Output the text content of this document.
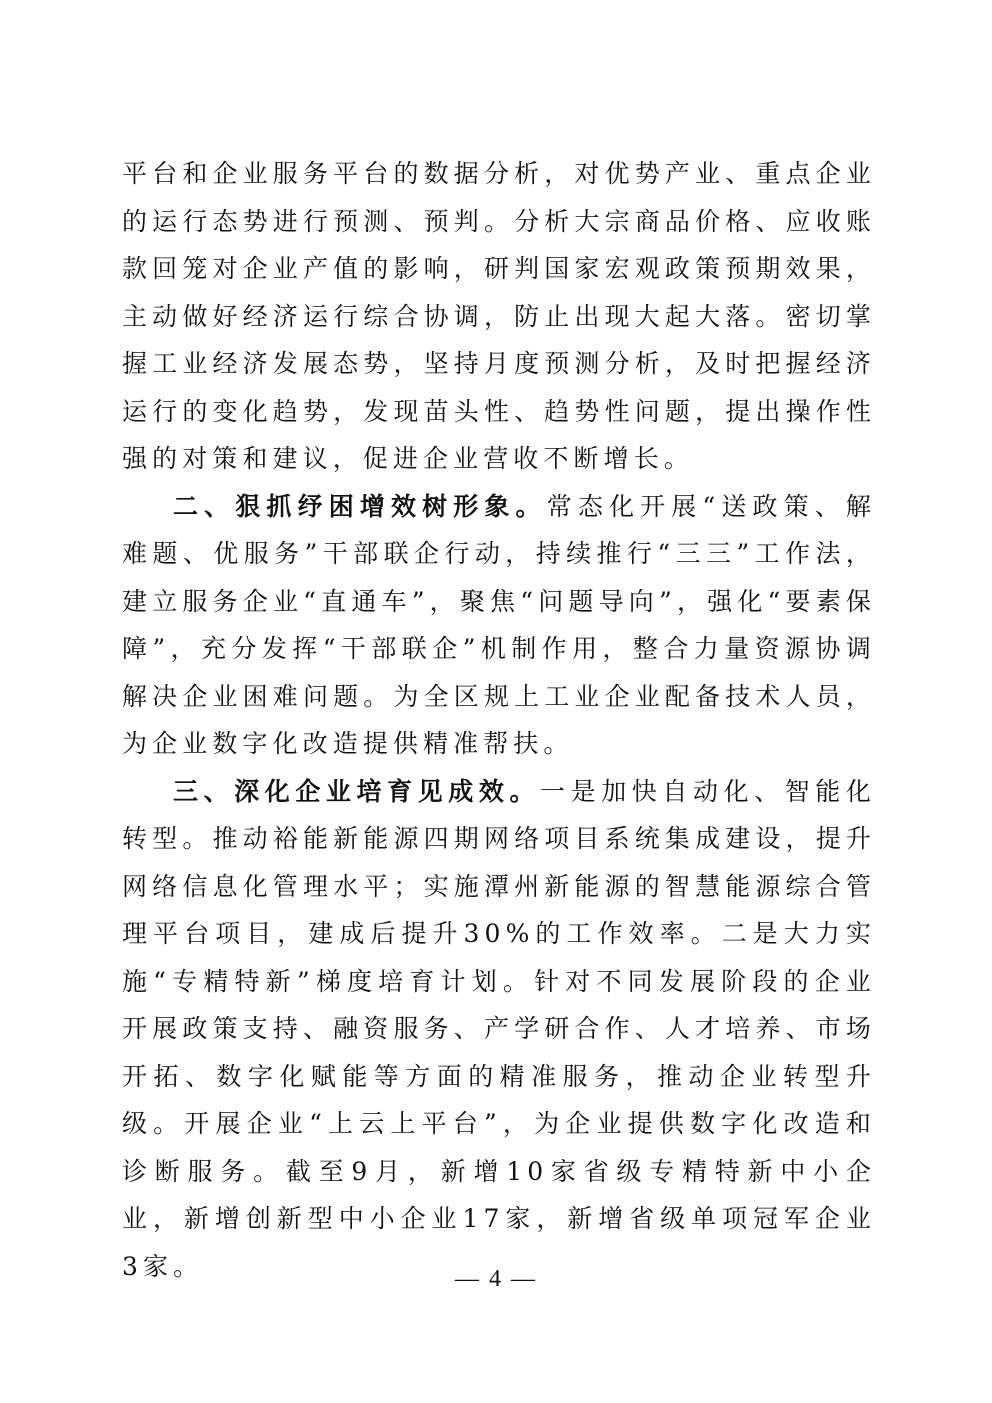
平台和企业服务平台的数据分析，对优势产业、重点企业的运行态势进行预测、预判。分析大宗商品价格、应收账款回笼对企业产值的影响，研判国家宏观政策预期效果，主动做好经济运行综合协调，防止出现大起大落。密切掌握工业经济发展态势，坚持月度预测分析，及时把握经济运行的变化趋势，发现苗头性、趋势性问题，提出操作性强的对策和建议，促进企业营收不断增长。

二、狠抓纾困增效树形象。常态化开展“送政策、解难题、优服务”干部联企行动，持续推行“三三”工作法，建立服务企业“直通车”，聚焦“问题导向”，强化“要素保障”，充分发挥“干部联企”机制作用，整合力量资源协调解决企业困难问题。为全区规上工业企业配备技术人员，为企业数字化改造提供精准帮扶。

三、深化企业培育见成效。一是加快自动化、智能化转型。推动裕能新能源四期网络项目系统集成建设，提升网络信息化管理水平；实施潭州新能源的智慧能源综合管理平台项目，建成后提升30%的工作效率。二是大力实施“专精特新”梯度培育计划。针对不同发展阶段的企业开展政策支持、融资服务、产学研合作、人才培养、市场开拓、数字化赋能等方面的精准服务，推动企业转型升级。开展企业“上云上平台”，为企业提供数字化改造和诊断服务。截至9月，新增10家省级专精特新中小企业，新增创新型中小企业17家，新增省级单项冠军企业3家。	— 4 —
